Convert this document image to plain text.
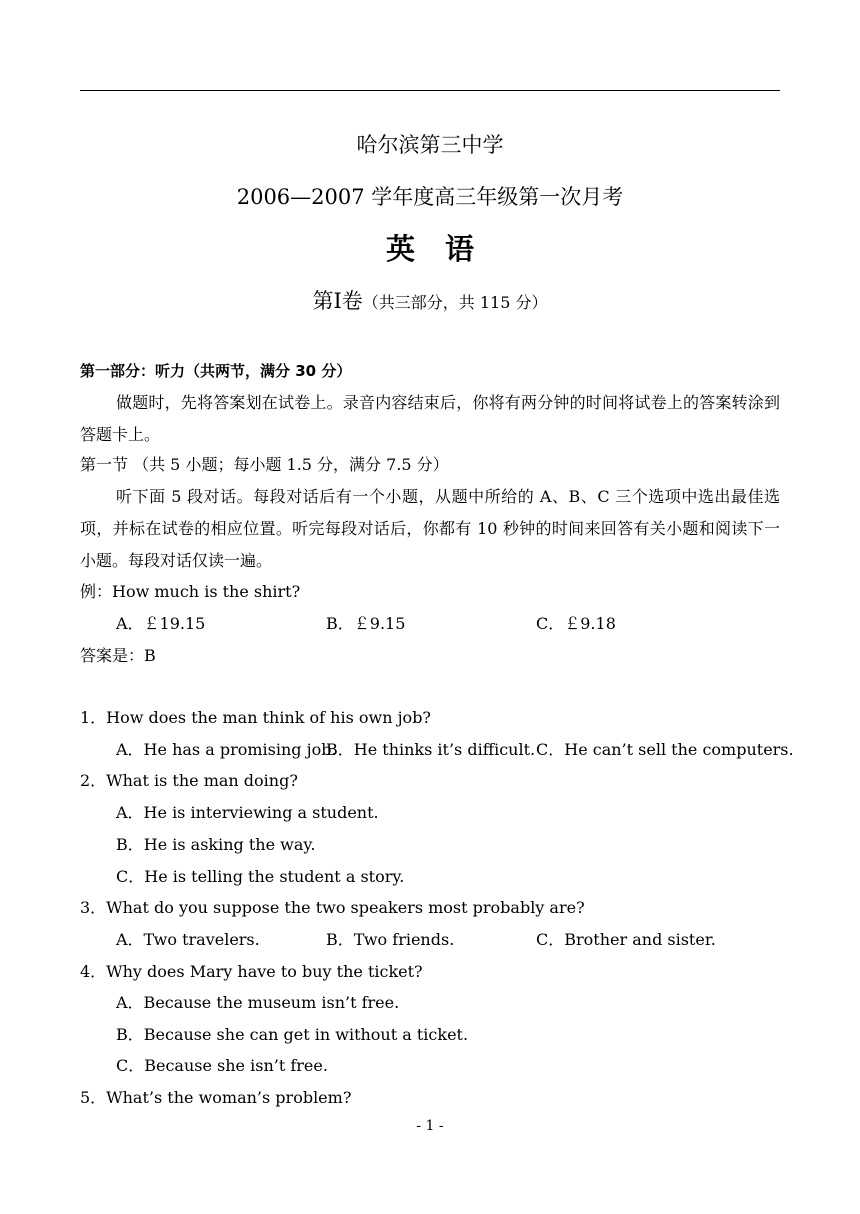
哈尔滨第三中学
2006—2007 学年度高三年级第一次月考
英语
第Ⅰ卷（共三部分，共 115 分）
第一部分：听力（共两节，满分 30 分）
做题时，先将答案划在试卷上。录音内容结束后，你将有两分钟的时间将试卷上的答案转涂到答题卡上。
第一节 （共 5 小题；每小题 1.5 分，满分 7.5 分）
听下面 5 段对话。每段对话后有一个小题，从题中所给的 A、B、C 三个选项中选出最佳选项，并标在试卷的相应位置。听完每段对话后，你都有 10 秒钟的时间来回答有关小题和阅读下一小题。每段对话仅读一遍。
例：How much is the shirt?
A．￡19.15	B．￡9.15	C．￡9.18
答案是：B
1．How does the man think of his own job?
A．He has a promising job.
B．He thinks it’s difficult. C．He can’t sell the computers.
2．What is the man doing?
A．He is interviewing a student.
B．He is asking the way.
C．He is telling the student a story.
3．What do you suppose the two speakers most probably are?
A．Two travelers.	B．Two friends.	C．Brother and sister.
4．Why does Mary have to buy the ticket?
A．Because the museum isn’t free.
B．Because she can get in without a ticket.
C．Because she isn’t free.
5．What’s the woman’s problem?
- 1 -
